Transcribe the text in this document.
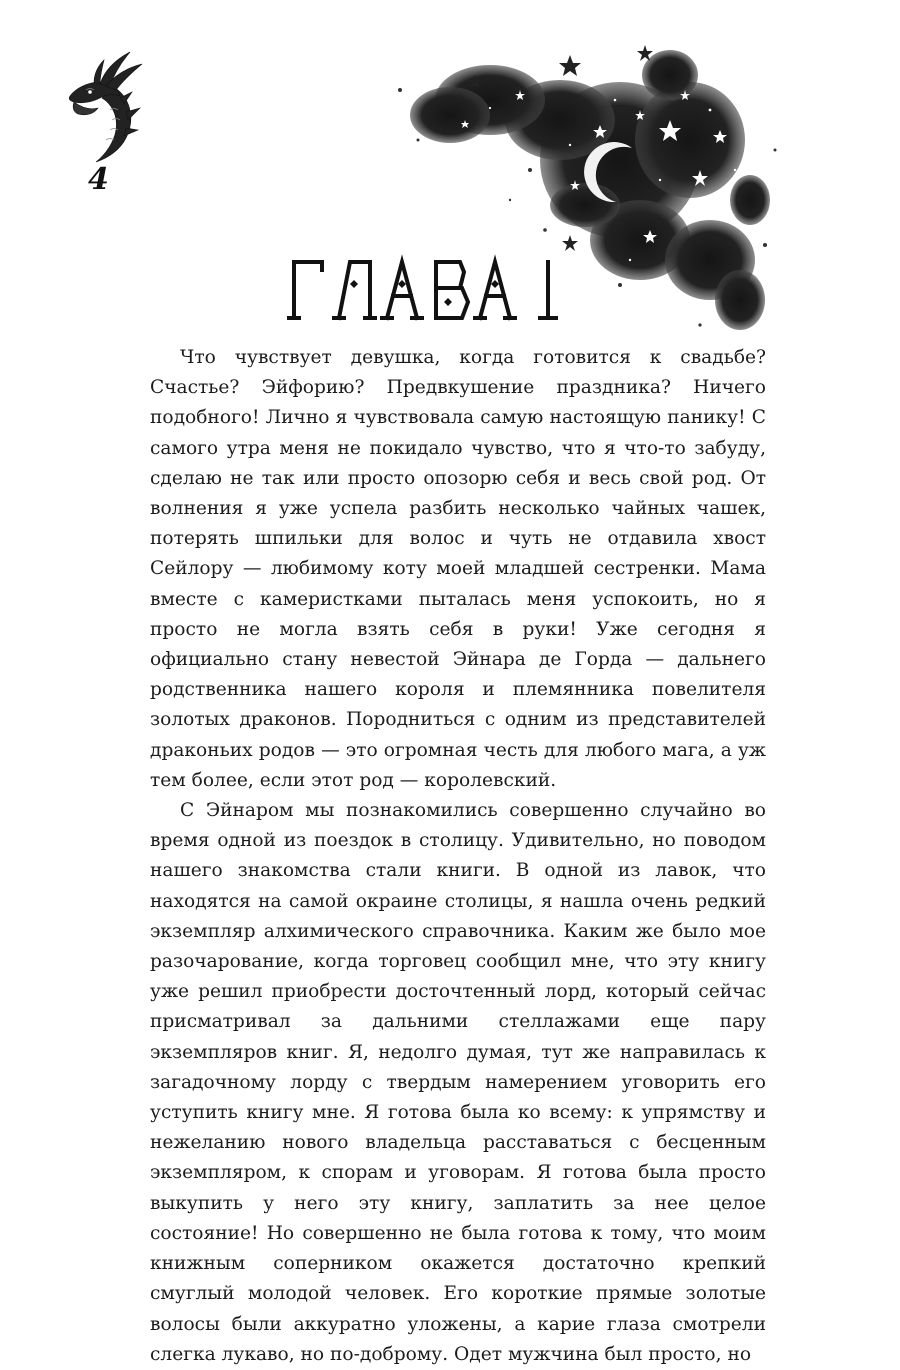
4

Что чувствует девушка, когда готовится к свадьбе? Счастье? Эйфорию? Предвкушение праздника? Ничего подобного! Лично я чувствовала самую настоящую панику! С самого утра меня не покидало чувство, что я что-то забуду, сделаю не так или просто опозорю себя и весь свой род. От волнения я уже успела разбить несколько чайных чашек, потерять шпильки для волос и чуть не отдавила хвост Сейлору — любимому коту моей младшей сестренки. Мама вместе с камеристками пыталась меня успокоить, но я просто не могла взять себя в руки! Уже сегодня я официально стану невестой Эйнара де Горда — дальнего родственника нашего короля и племянника повелителя золотых драконов. Породниться с одним из представителей драконьих родов — это огромная честь для любого мага, а уж тем более, если этот род — королевский.

С Эйнаром мы познакомились совершенно случайно во время одной из поездок в столицу. Удивительно, но поводом нашего знакомства стали книги. В одной из лавок, что находятся на самой окраине столицы, я нашла очень редкий экземпляр алхимического справочника. Каким же было мое разочарование, когда торговец сообщил мне, что эту книгу уже решил приобрести досточтенный лорд, который сейчас присматривал за дальними стеллажами еще пару экземпляров книг. Я, недолго думая, тут же направилась к загадочному лорду с твердым намерением уговорить его уступить книгу мне. Я готова была ко всему: к упрямству и нежеланию нового владельца расставаться с бесценным экземпляром, к спорам и уговорам. Я готова была просто выкупить у него эту книгу, заплатить за нее целое состояние! Но совершенно не была готова к тому, что моим книжным соперником окажется достаточно крепкий смуглый молодой человек. Его короткие прямые золотые волосы были аккуратно уложены, а карие глаза смотрели слегка лукаво, но по-доброму. Одет мужчина был просто, но
